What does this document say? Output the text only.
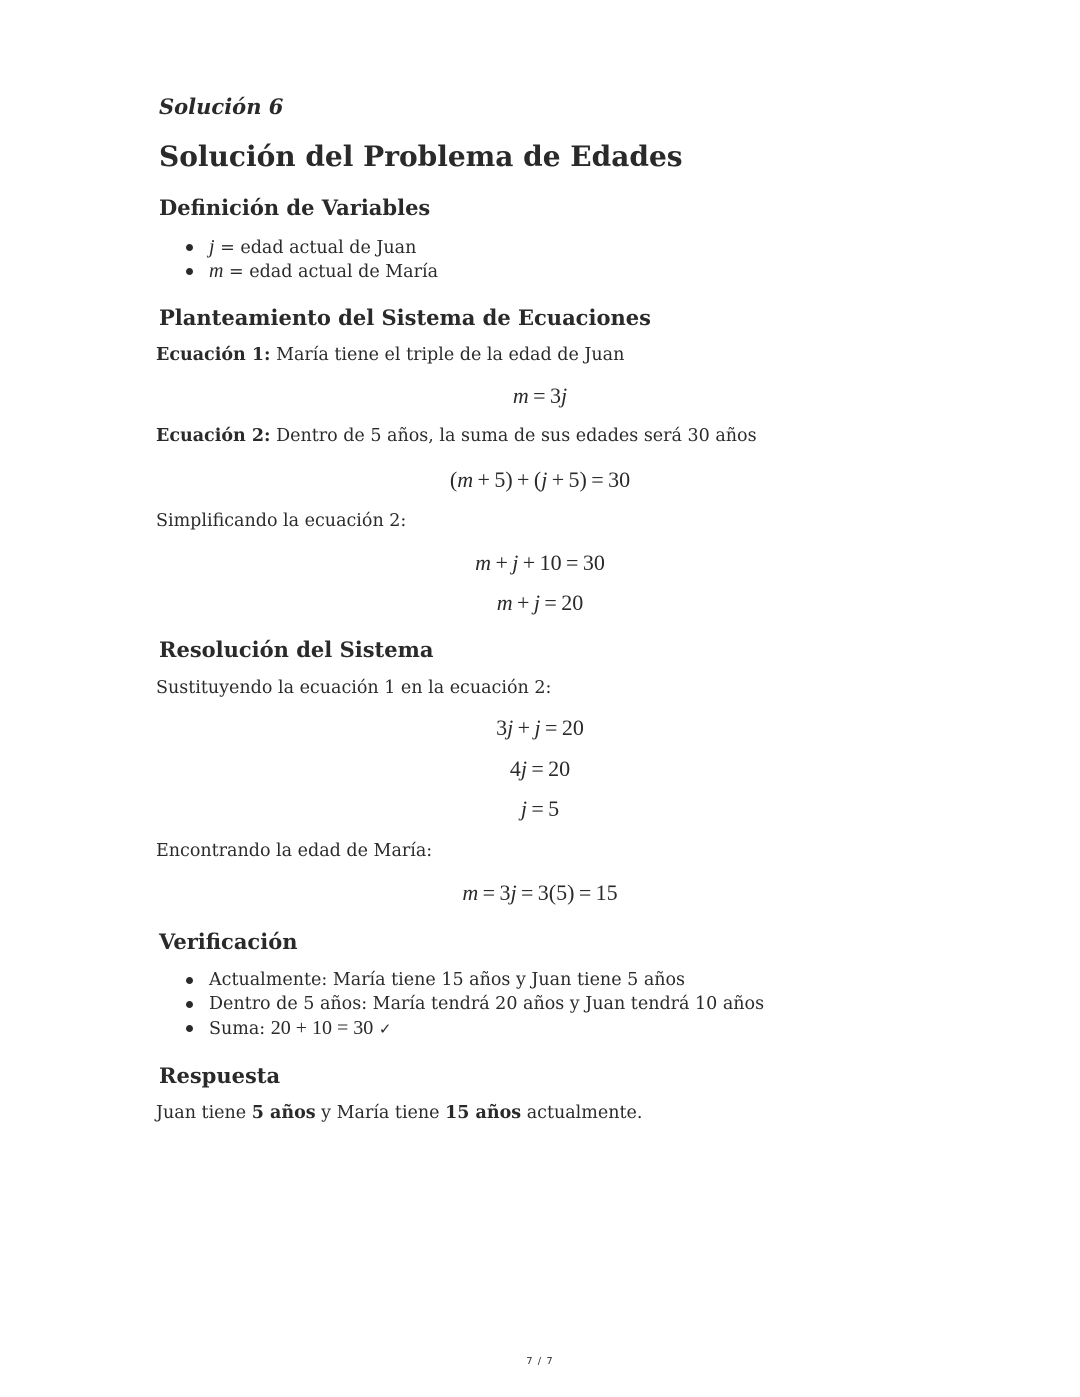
Solución 6
Solución del Problema de Edades
Definición de Variables
j = edad actual de Juan
m = edad actual de María
Planteamiento del Sistema de Ecuaciones

Ecuación 1: María tiene el triple de la edad de Juan

m = 3j

Ecuación 2: Dentro de 5 años, la suma de sus edades será 30 años

(m + 5) + (j + 5) = 30

Simplificando la ecuación 2:

m + j + 10 = 30
m + j = 20
Resolución del Sistema

Sustituyendo la ecuación 1 en la ecuación 2:

3j + j = 20
4j = 20
j = 5

Encontrando la edad de María:

m = 3j = 3(5) = 15
Verificación
Actualmente: María tiene 15 años y Juan tiene 5 años
Dentro de 5 años: María tendrá 20 años y Juan tendrá 10 años
Suma: 20 + 10 = 30 ✓
Respuesta

Juan tiene 5 años y María tiene 15 años actualmente.

7 / 7
